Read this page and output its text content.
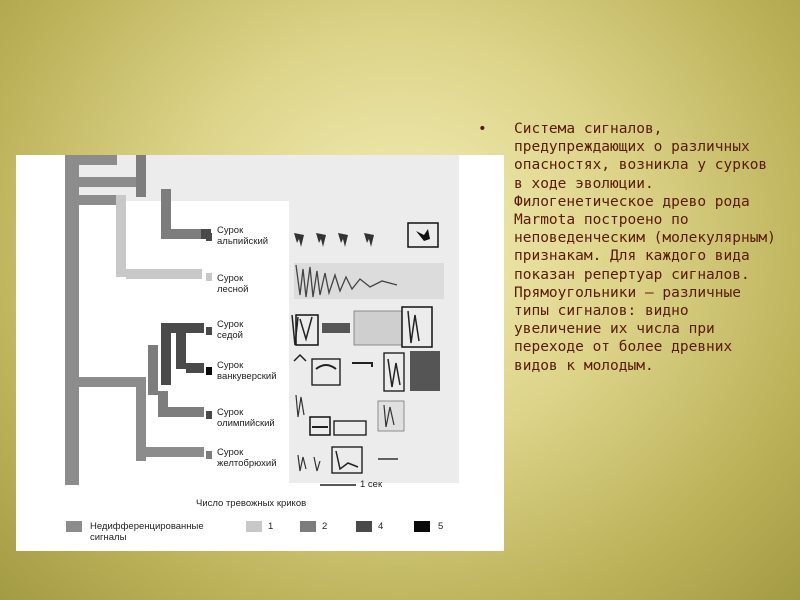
Сурок
альпийский
Сурок
лесной
Сурок
седой
Сурок
ванкуверский
Сурок
олимпийский
Сурок
желтобрюхий
1 сек
Число тревожных криков
Недифференцированные сигналы
1	2	4	5
• Система сигналов, предупреждающих о различных опасностях, возникла у сурков в ходе эволюции. Филогенетическое древо рода Marmota построено по неповеденческим (молекулярным) признакам. Для каждого вида показан репертуар сигналов. Прямоугольники — различные типы сигналов: видно увеличение их числа при переходе от более древних видов к молодым.
